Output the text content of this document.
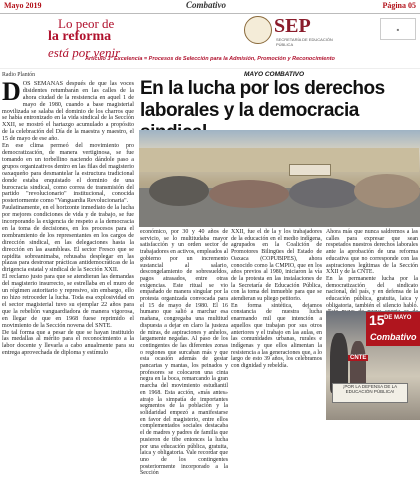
Mayo 2019	Combativo	Página 05
Lo peor de
la reforma
está por venir
SEP
SECRETARÍA DE EDUCACIÓN PÚBLICA
■
Artículo 3º Excelencia = Procesos de Selección para la Admisión, Promoción y Reconocimiento
Radio Plantón

DOS SEMANAS después de que las voces disidentes retumbarán en las calles de la ahora ciudad de la resistencia en aquel 1 de mayo de 1980, cuando a base magisterial movilizada se salaba del dominio de los charros que se había entronizado en la vida sindical de la Sección XXII, se mostró el hartazgo acumulado a propósito de la celebración del Día de la maestra y maestro, el 15 de mayo de ese año.

En ese clima permeó del movimiento pro democratización, de manera vertiginosa, se fue tomando en un torbellino naciendo dándole paso a grupos organizativos dentro en las filas del magisterio oaxaqueño para desmantelar la estructura tradicional donde estaba enquistado el dominio de una burocracia sindical, como correa de transmisión del partido "revolucionario" institucional, conocida posteriormente como "Vanguardia Revolucionaria".

Paulatinamente, en el horizonte inmediato de la lucha por mejores condiciones de vida y de trabajo, se fue incorporando la exigencia de respeto a la democracia en la toma de decisiones, en los procesos para el nombramiento de los representantes en los cargos de dirección sindical, en las delegaciones hasta la dirección en las asambleas. El sector Fresco que se rapidita sobreanimaba, rehusaba desplegar en las plazas para destronar prácticas antidemocráticas de la dirigencia estatal y sindical de la Sección XXII.

El reclamo justo para que se atendieran las demandas del magisterio insurrecto, se estrellaba en el muro de un régimen autoritario y represivo, sin embargo, ello no hizo retroceder la lucha. Toda esa explosividad en el sector magisterial tuvo su ejemplar 22 años para que la rebelión vanguardiadora de manera vigorosa, en llegar de que en 1968 fuese reprimido el movimiento de la Sección novena del SNTE.

De tal forma que a pesar de que se hayan instituido las medallas al mérito para el reconocimiento a la labor docente y llevarla a cabo anualmente para su entrega aprovechada de diploma y estímulo

MAYO COMBATIVO
En la lucha por los derechos laborales y la democracia

económico, por 30 y 40 años de servicio, se lo multitudaba mayor satisfacción y un orden sector de trabajadores en activos, empleados al gobierno por un incremento sustancial al salario, descongelamiento de sobresueldos, pagos atrasados, entre otras exigencias. Este ritual se vio empañado de manera singular por la protesta organizada convocada para el 15 de mayo de 1980. El 16 humano que salió a marchar esa mañana, congregaba una multitud dispuesta a dejar en claro la justeza de miras, de aspiraciones y anhelos, largamente negadas. Al paso de los contingentes de las diferentes zonas o regiones que surcaban más y que esta ocasión además de gestar pancartas y mantas, los peinados y profesores se colocaron una cinta negra en la boca, remarcando la gran marcha del movimiento estudiantil en 1968. Esta acción, «más antes» atrajo la simpatía de importantes segmentos de la población y la solidaridad empezó a manifestarse en favor del magisterio, entre ellos complementados sociales destacaba el de madres y padres de familia que pusieron de tibe entonces la lucha por una educación pública, gratuita, laica y obligatoria. Vale recordar que uno de los contingentes posteriormente incorporado a la Sección

XXII, fue el de la y los trabajadores de la educación en el medio indígena, agrupados en la Coalición de Promotores Bilingües del Estado de Oaxaca (COPUBIPES), ahora conocido como la CMPIO, que en los años previos al 1980, iniciaron la vía de la protesta en las instalaciones de la Secretaría de Educación Pública, con la toma del inmueble para que se atendieran su pliego petitorio.
En forma sintética, dejamos constancia de nuestra lucha enarmando mil que intención a aquellos que trabajan por sus otros anteriores y el trabajo en las aulas, en las comunidades urbanas, rurales e indígenas y que ellos alimentan la resistencia a las generaciones que, a lo largo de esto 39 años, los celebramos con dignidad y rebeldía.

Ahora más que nunca saldremos a las calles para expresar que sean respetados nuestros derechos laborales ante la aprobación de una reforma educativa que no corresponde con las aspiraciones legítimas de la Sección XXII y de la CNTE.
En la permanente lucha por la democratización del sindicato nacional, del país, y en defensa de la educación pública, gratuita, laica y obligatoria, también el silencio habló.

15 DE MAYO
Combativo
CNTE
¡POR LA DEFENSA DE LA EDUCACIÓN PÚBLICA!
